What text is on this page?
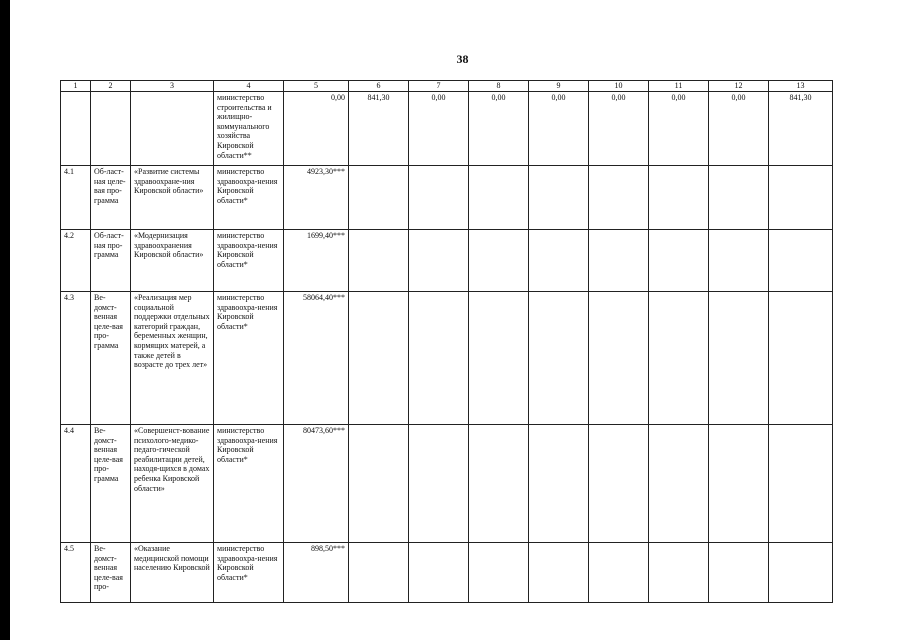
38
1	2	3	4	5	6	7	8	9	10	11	12	13
			министерство строительства и жилищно-коммунального хозяйства Кировской области**	0,00	841,30	0,00	0,00	0,00	0,00	0,00	0,00	841,30
4.1	Об-ласт-ная целе-вая про-грамма	«Развитие системы здравоохране-ния Кировской области»	министерство здравоохра-нения Кировской области*	4923,30***								
4.2	Об-ласт-ная про-грамма	«Модернизация здравоохранения Кировской области»	министерство здравоохра-нения Кировской области*	1699,40***								
4.3	Ве-домст-венная целе-вая про-грамма	«Реализация мер социальной поддержки отдельных категорий граждан, беременных женщин, кормящих матерей, а также детей в возрасте до трех лет»	министерство здравоохра-нения Кировской области*	58064,40***								
4.4	Ве-домст-венная целе-вая про-грамма	«Совершенст-вование психолого-медико-педаго-гической реабилитации детей, находя-щихся в домах ребенка Кировской области»	министерство здравоохра-нения Кировской области*	80473,60***								
4.5	Ве-домст-венная целе-вая про-	«Оказание медицинской помощи населению Кировской	министерство здравоохра-нения Кировской области*	898,50***								
